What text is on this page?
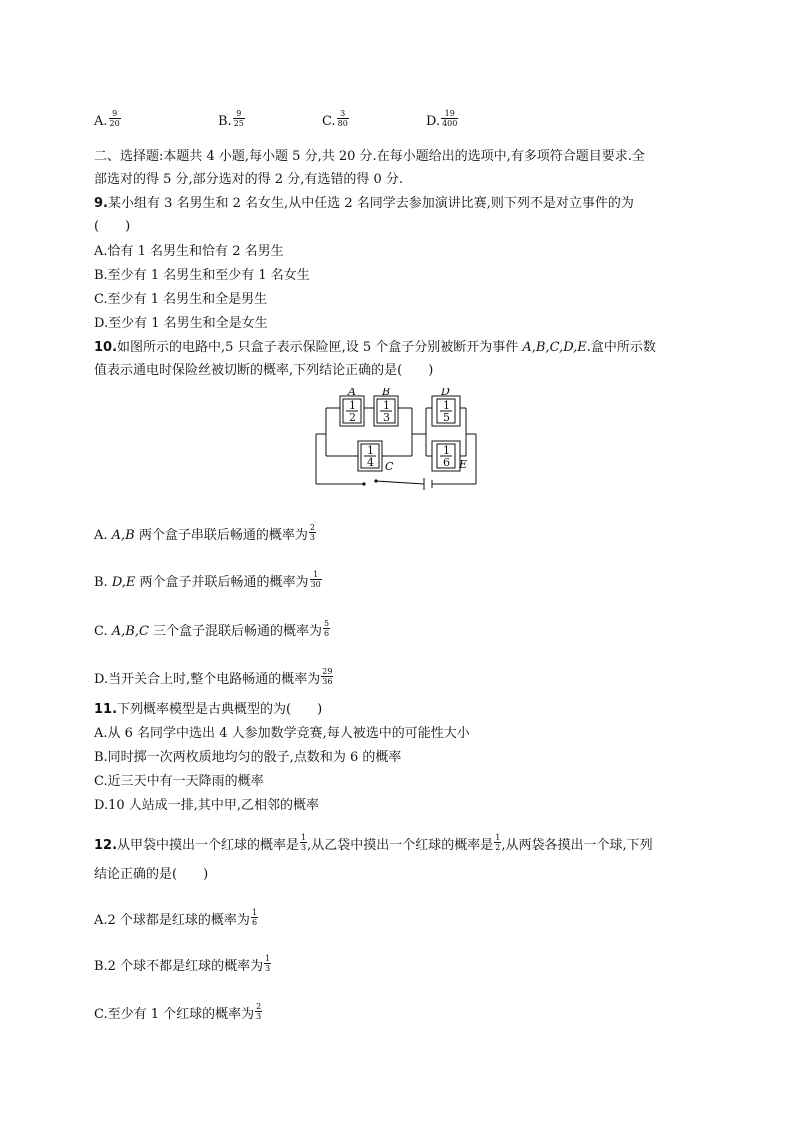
A. $\frac{9}{20}$	B. $\frac{9}{25}$	C. $\frac{3}{80}$	D. $\frac{19}{400}$
二、选择题:本题共 4 小题,每小题 5 分,共 20 分.在每小题给出的选项中,有多项符合题目要求.全
部选对的得 5 分,部分选对的得 2 分,有选错的得 0 分.
9.某小组有 3 名男生和 2 名女生,从中任选 2 名同学去参加演讲比赛,则下列不是对立事件的为
(　　)
A.恰有 1 名男生和恰有 2 名男生
B.至少有 1 名男生和至少有 1 名女生
C.至少有 1 名男生和全是男生
D.至少有 1 名男生和全是女生
10.如图所示的电路中,5 只盒子表示保险匣,设 5 个盒子分别被断开为事件 A,B,C,D,E.盒中所示数
值表示通电时保险丝被切断的概率,下列结论正确的是(　　)
1
2
1
3
1
4
1
5
1
6
A B
C
D
E
A. A,B 两个盒子串联后畅通的概率为 $\frac{2}{3}$
B. D,E 两个盒子并联后畅通的概率为 $\frac{1}{30}$
C. A,B,C 三个盒子混联后畅通的概率为 $\frac{5}{6}$
D.当开关合上时,整个电路畅通的概率为 $\frac{29}{36}$
11.下列概率模型是古典概型的为(　　)
A.从 6 名同学中选出 4 人参加数学竞赛,每人被选中的可能性大小
B.同时掷一次两枚质地均匀的骰子,点数和为 6 的概率
C.近三天中有一天降雨的概率
D.10 人站成一排,其中甲,乙相邻的概率
12.从甲袋中摸出一个红球的概率是 $\frac{1}{3}$ ,从乙袋中摸出一个红球的概率是 $\frac{1}{2}$ ,从两袋各摸出一个球,下列
结论正确的是(　　)
A.2 个球都是红球的概率为 $\frac{1}{6}$
B.2 个球不都是红球的概率为 $\frac{1}{3}$
C.至少有 1 个红球的概率为 $\frac{2}{3}$
